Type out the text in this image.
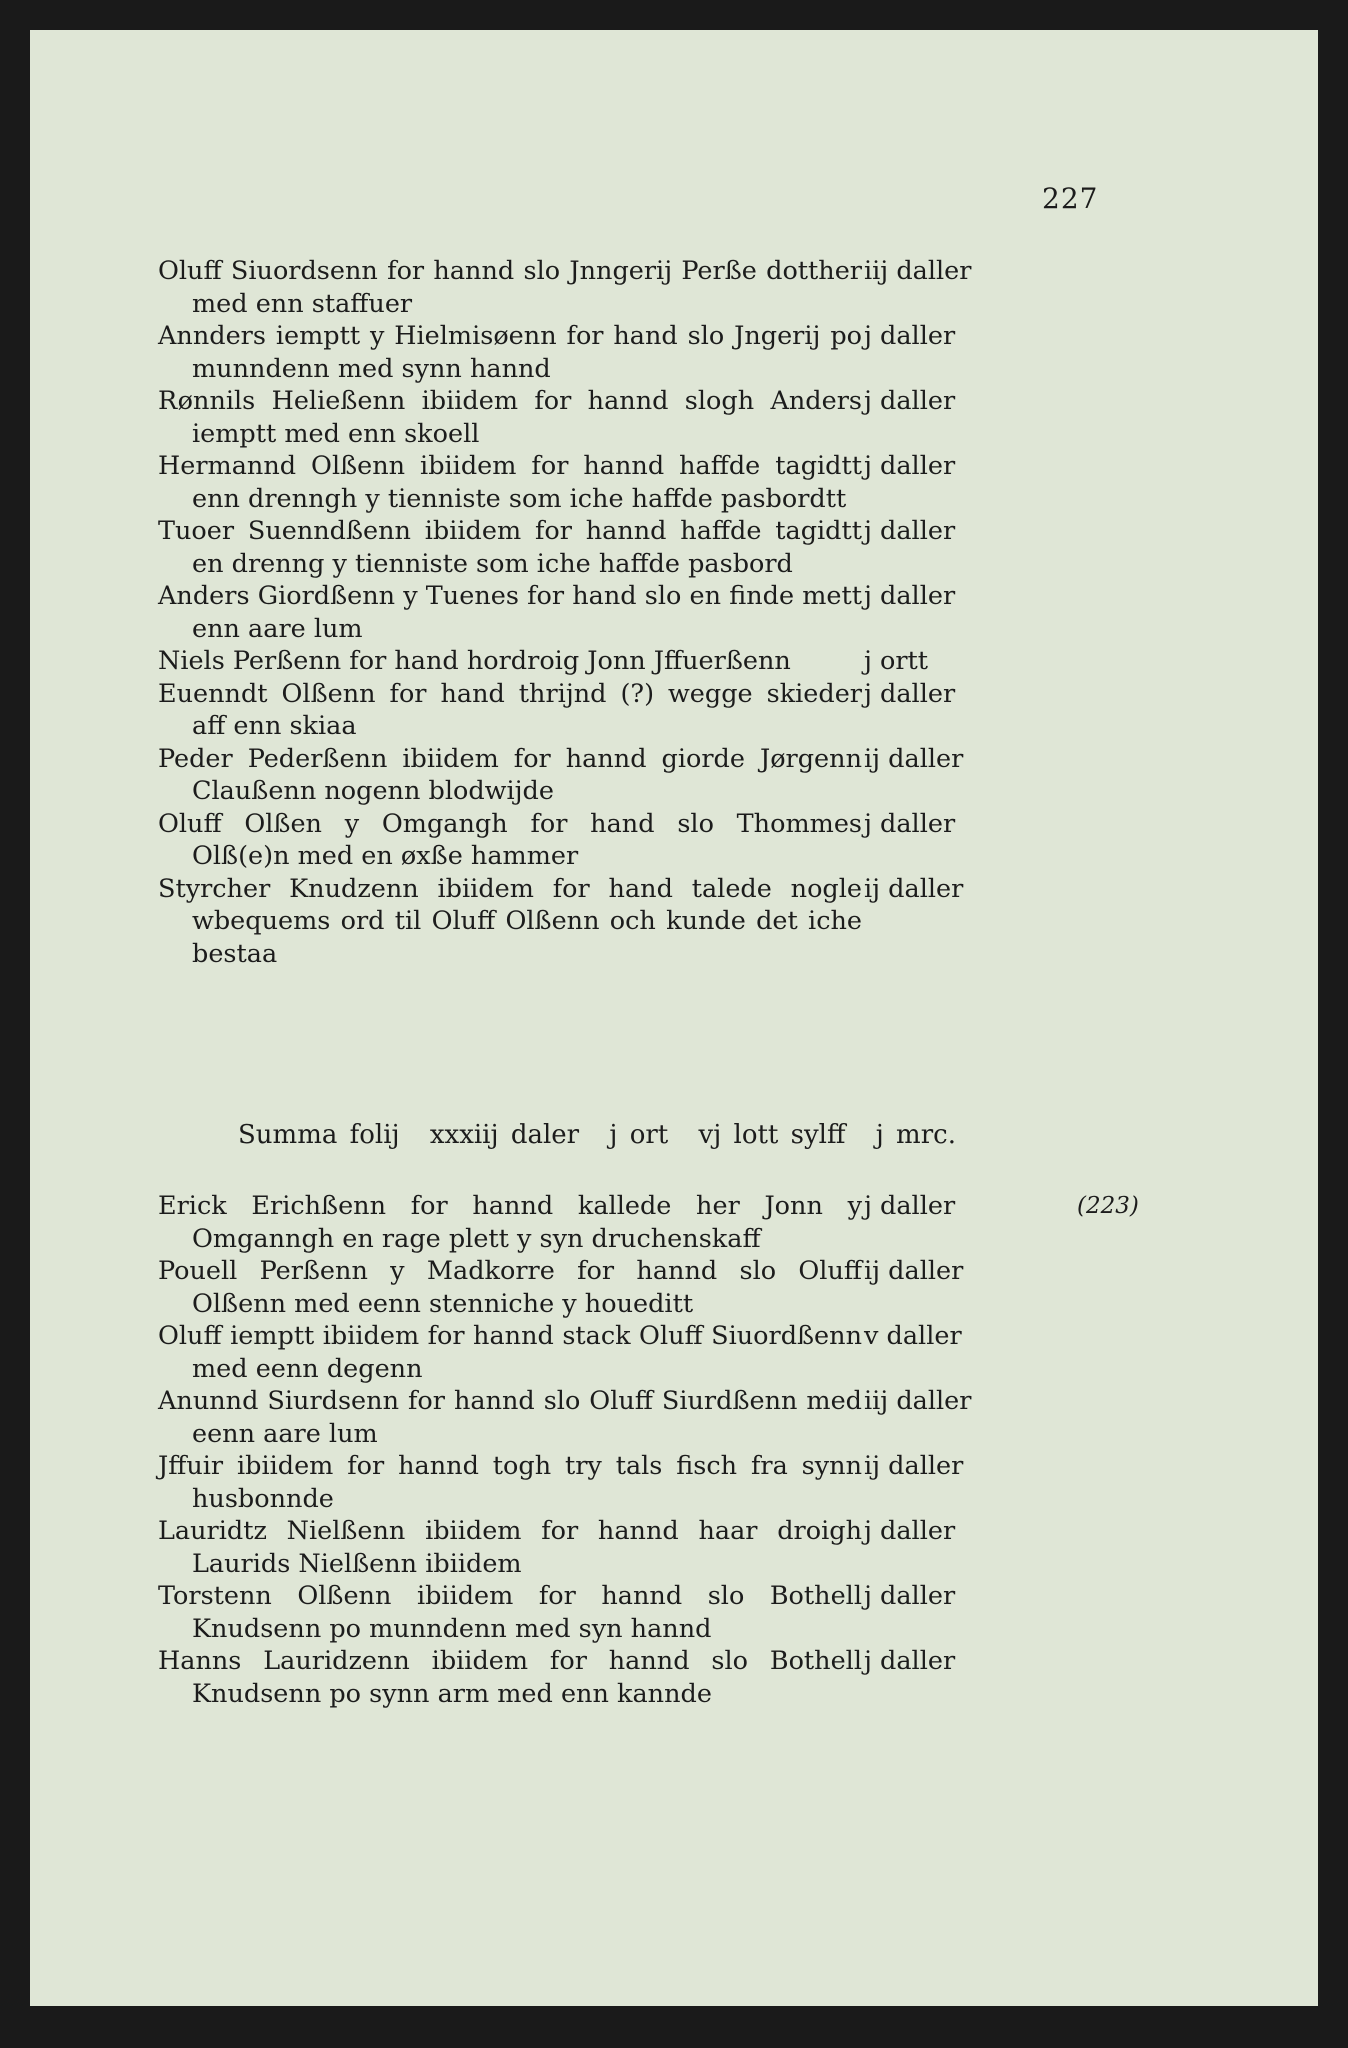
227
Oluff Siuordsenn for hannd slo Jnngerij Perße dotther med enn staffuer
iij daller
Annders iemptt y Hielmisøenn for hand slo Jngerij po munndenn med synn hannd
j daller
Rønnils Heließenn ibiidem for hannd slogh Anders iemptt med enn skoell
j daller
Hermannd Olßenn ibiidem for hannd haffde tagidtt enn drenngh y tienniste som iche haffde pasbordtt
j daller
Tuoer Suenndßenn ibiidem for hannd haffde tagidtt en drenng y tienniste som iche haffde pasbord
j daller
Anders Giordßenn y Tuenes for hand slo en finde mett enn aare lum
j daller
Niels Perßenn for hand hordroig Jonn Jffuerßenn	j ortt
Euenndt Olßenn for hand thrijnd (?) wegge skieder aff enn skiaa
j daller
Peder Pederßenn ibiidem for hannd giorde Jørgenn Claußenn nogenn blodwijde
ij daller
Oluff Olßen y Omgangh for hand slo Thommes Olß(e)n med en øxße hammer
j daller
Styrcher Knudzenn ibiidem for hand talede nogle wbequems ord til Oluff Olßenn och kunde det iche bestaa
ij daller
Summa folij xxxiij daler j ort vj lott sylff j mrc.
Erick Erichßenn for hannd kallede her Jonn y Omganngh en rage plett y syn druchenskaff
j daller	(223)
Pouell Perßenn y Madkorre for hannd slo Oluff Olßenn med eenn stenniche y houeditt
ij daller
Oluff iemptt ibiidem for hannd stack Oluff Siuordßenn med eenn degenn
v daller
Anunnd Siurdsenn for hannd slo Oluff Siurdßenn med eenn aare lum
iij daller
Jffuir ibiidem for hannd togh try tals fisch fra synn husbonnde
ij daller
Lauridtz Nielßenn ibiidem for hannd haar droigh Laurids Nielßenn ibiidem
j daller
Torstenn Olßenn ibiidem for hannd slo Bothell Knudsenn po munndenn med syn hannd
j daller
Hanns Lauridzenn ibiidem for hannd slo Bothell Knudsenn po synn arm med enn kannde
j daller
